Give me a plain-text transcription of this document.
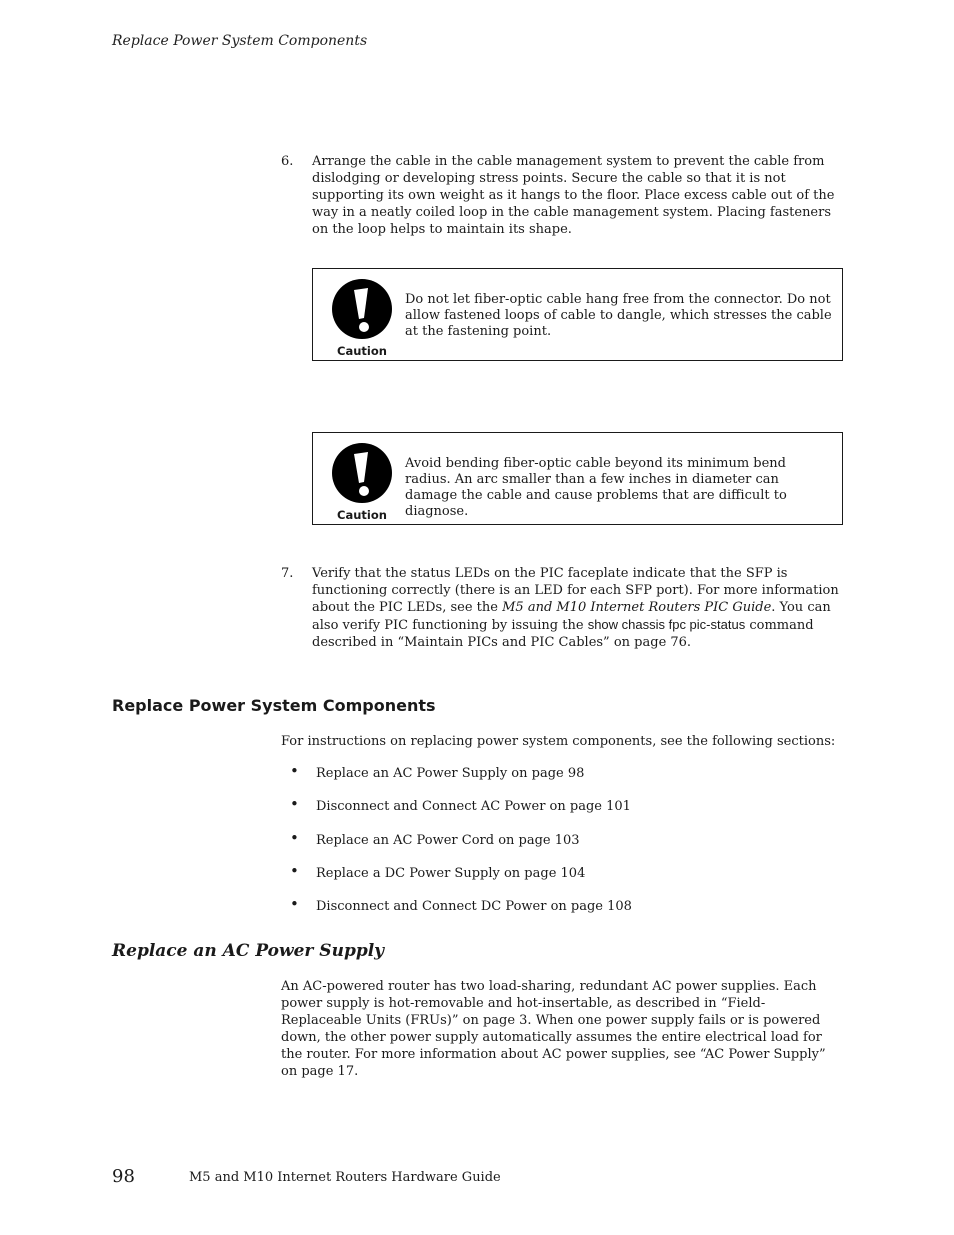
Replace Power System Components
6. Arrange the cable in the cable management system to prevent the cable from dislodging or developing stress points. Secure the cable so that it is not supporting its own weight as it hangs to the floor. Place excess cable out of the way in a neatly coiled loop in the cable management system. Placing fasteners on the loop helps to maintain its shape.
Caution
Do not let fiber-optic cable hang free from the connector. Do not allow fastened loops of cable to dangle, which stresses the cable at the fastening point.
Caution
Avoid bending fiber-optic cable beyond its minimum bend radius. An arc smaller than a few inches in diameter can damage the cable and cause problems that are difficult to diagnose.
7. Verify that the status LEDs on the PIC faceplate indicate that the SFP is functioning correctly (there is an LED for each SFP port). For more information about the PIC LEDs, see the M5 and M10 Internet Routers PIC Guide. You can also verify PIC functioning by issuing the show chassis fpc pic-status command described in “Maintain PICs and PIC Cables” on page 76.
Replace Power System Components
For instructions on replacing power system components, see the following sections:
• Replace an AC Power Supply on page 98
• Disconnect and Connect AC Power on page 101
• Replace an AC Power Cord on page 103
• Replace a DC Power Supply on page 104
• Disconnect and Connect DC Power on page 108
Replace an AC Power Supply
An AC-powered router has two load-sharing, redundant AC power supplies. Each power supply is hot-removable and hot-insertable, as described in “Field-Replaceable Units (FRUs)” on page 3. When one power supply fails or is powered down, the other power supply automatically assumes the entire electrical load for the router. For more information about AC power supplies, see “AC Power Supply” on page 17.
98	M5 and M10 Internet Routers Hardware Guide
